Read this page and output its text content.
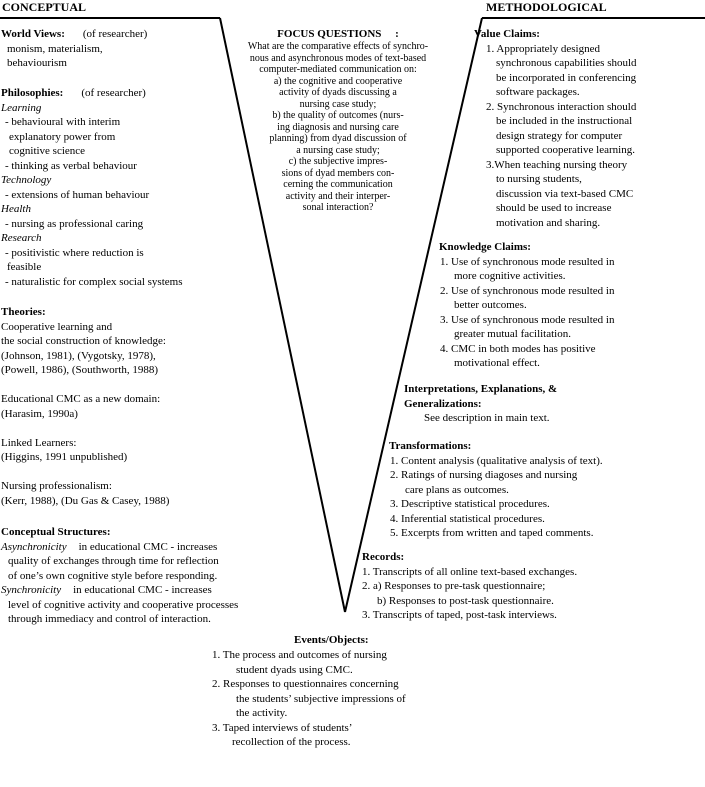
CONCEPTUAL	METHODOLOGICAL
FOCUS QUESTIONS :
What are the comparative effects of synchro-
nous and asynchronous modes of text-based
computer-mediated communication on:
a) the cognitive and cooperative
activity of dyads discussing a
nursing case study;
b) the quality of outcomes (nurs-
ing diagnosis and nursing care
planning) from dyad discussion of
a nursing case study;
c) the subjective impres-
sions of dyad members con-
cerning the communication
activity and their interper-
sonal interaction?
World Views: (of researcher)
monism, materialism,
behaviourism
Philosophies: (of researcher)
Learning
- behavioural with interim
explanatory power from
cognitive science
- thinking as verbal behaviour
Technology
- extensions of human behaviour
Health
- nursing as professional caring
Research
- positivistic where reduction is
feasible
- naturalistic for complex social systems
Theories:
Cooperative learning and
the social construction of knowledge:
(Johnson, 1981), (Vygotsky, 1978),
(Powell, 1986), (Southworth, 1988)
Educational CMC as a new domain:
(Harasim, 1990a)
Linked Learners:
(Higgins, 1991 unpublished)
Nursing professionalism:
(Kerr, 1988), (Du Gas & Casey, 1988)
Conceptual Structures:
Asynchronicity in educational CMC - increases
quality of exchanges through time for reflection
of one’s own cognitive style before responding.
Synchronicity in educational CMC - increases
level of cognitive activity and cooperative processes
through immediacy and control of interaction.
Value Claims:
1. Appropriately designed
synchronous capabilities should
be incorporated in conferencing
software packages.
2. Synchronous interaction should
be included in the instructional
design strategy for computer
supported cooperative learning.
3.When teaching nursing theory
to nursing students,
discussion via text-based CMC
should be used to increase
motivation and sharing.
Knowledge Claims:
1. Use of synchronous mode resulted in
more cognitive activities.
2. Use of synchronous mode resulted in
better outcomes.
3. Use of synchronous mode resulted in
greater mutual facilitation.
4. CMC in both modes has positive
motivational effect.
Interpretations, Explanations, &
Generalizations:
See description in main text.
Transformations:
1. Content analysis (qualitative analysis of text).
2. Ratings of nursing diagoses and nursing
care plans as outcomes.
3. Descriptive statistical procedures.
4. Inferential statistical procedures.
5. Excerpts from written and taped comments.
Records:
1. Transcripts of all online text-based exchanges.
2. a) Responses to pre-task questionnaire;
b) Responses to post-task questionnaire.
3. Transcripts of taped, post-task interviews.
Events/Objects:
1. The process and outcomes of nursing
student dyads using CMC.
2. Responses to questionnaires concerning
the students’ subjective impressions of
the activity.
3. Taped interviews of students’
recollection of the process.
